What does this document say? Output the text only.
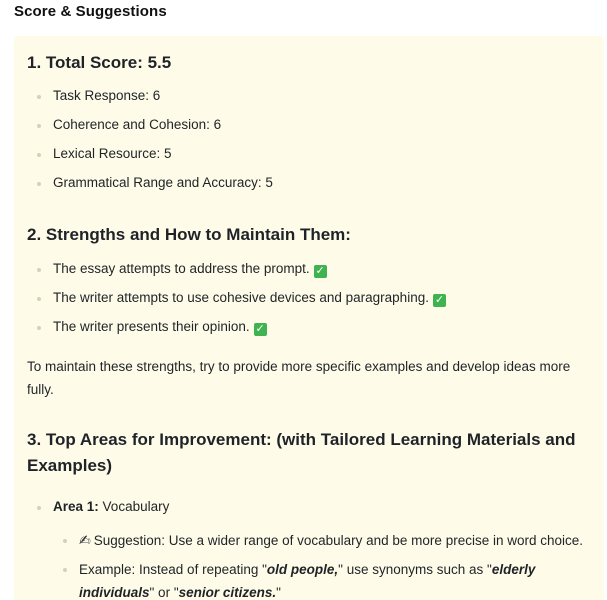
Score & Suggestions
1. Total Score: 5.5
Task Response: 6
Coherence and Cohesion: 6
Lexical Resource: 5
Grammatical Range and Accuracy: 5
2. Strengths and How to Maintain Them:
The essay attempts to address the prompt. ✓
The writer attempts to use cohesive devices and paragraphing. ✓
The writer presents their opinion. ✓
To maintain these strengths, try to provide more specific examples and develop ideas more fully.
3. Top Areas for Improvement: (with Tailored Learning Materials and Examples)
Area 1: Vocabulary
✍ Suggestion: Use a wider range of vocabulary and be more precise in word choice.
Example: Instead of repeating "old people," use synonyms such as "elderly individuals" or "senior citizens."
